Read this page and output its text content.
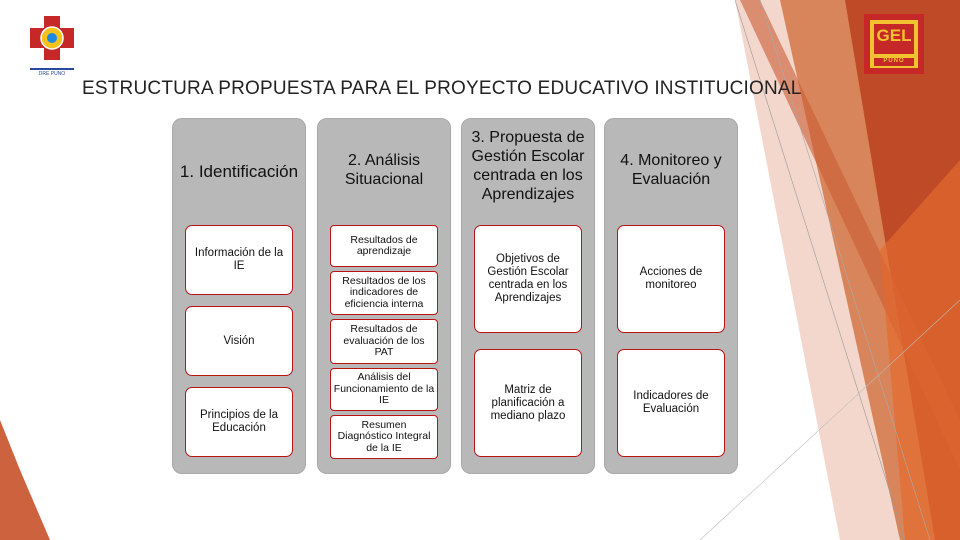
DRE PUNO
GEL
PUNO
ESTRUCTURA PROPUESTA PARA EL PROYECTO EDUCATIVO INSTITUCIONAL
1. Identificación
Información de la IE
Visión
Principios de la Educación
2. Análisis Situacional
Resultados de aprendizaje
Resultados de los indicadores de eficiencia interna
Resultados de evaluación de los PAT
Análisis del Funcionamiento de la IE
Resumen Diagnóstico Integral de la IE
3. Propuesta de Gestión Escolar centrada en los Aprendizajes
Objetivos de Gestión Escolar centrada en los Aprendizajes
Matriz de planificación a mediano plazo
4. Monitoreo y Evaluación
Acciones de monitoreo
Indicadores de Evaluación
